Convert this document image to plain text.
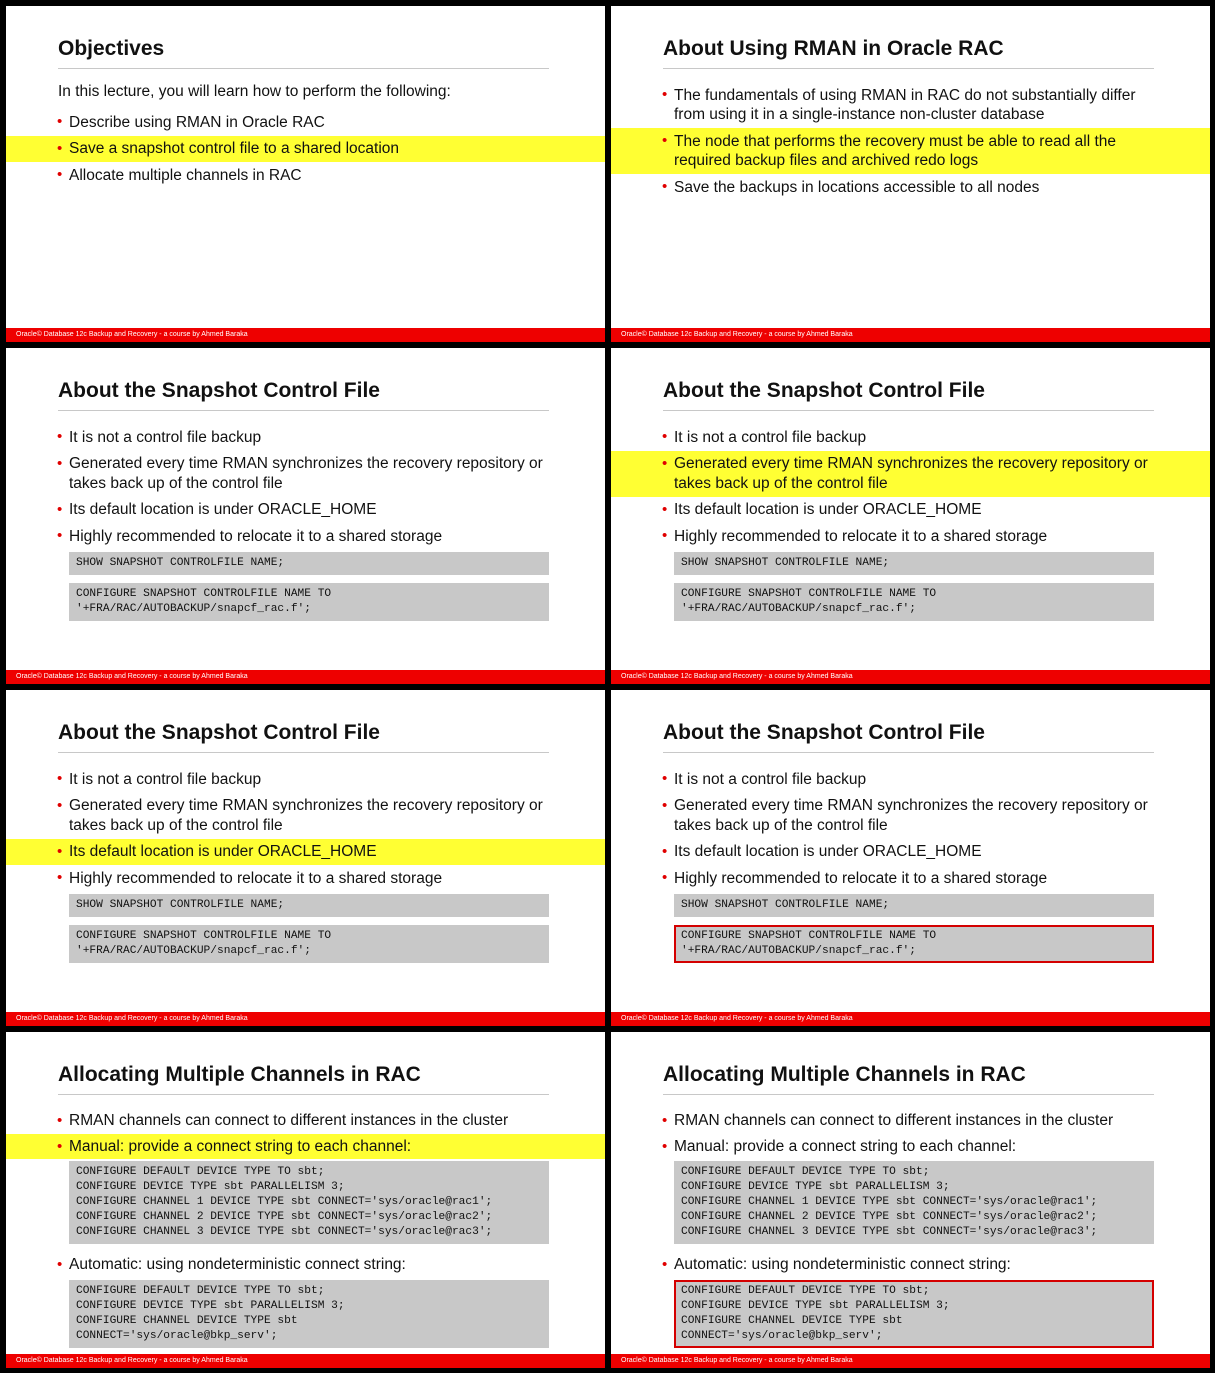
Objectives
In this lecture, you will learn how to perform the following:
• Describe using RMAN in Oracle RAC
• Save a snapshot control file to a shared location
• Allocate multiple channels in RAC
Oracle© Database 12c Backup and Recovery - a course by Ahmed Baraka
About Using RMAN in Oracle RAC
• The fundamentals of using RMAN in RAC do not substantially differ from using it in a single-instance non-cluster database
• The node that performs the recovery must be able to read all the required backup files and archived redo logs
• Save the backups in locations accessible to all nodes
Oracle© Database 12c Backup and Recovery - a course by Ahmed Baraka
About the Snapshot Control File
• It is not a control file backup
• Generated every time RMAN synchronizes the recovery repository or takes back up of the control file
• Its default location is under ORACLE_HOME
• Highly recommended to relocate it to a shared storage
SHOW SNAPSHOT CONTROLFILE NAME;
CONFIGURE SNAPSHOT CONTROLFILE NAME TO
'+FRA/RAC/AUTOBACKUP/snapcf_rac.f';
Oracle© Database 12c Backup and Recovery - a course by Ahmed Baraka
About the Snapshot Control File
• It is not a control file backup
• Generated every time RMAN synchronizes the recovery repository or takes back up of the control file
• Its default location is under ORACLE_HOME
• Highly recommended to relocate it to a shared storage
SHOW SNAPSHOT CONTROLFILE NAME;
CONFIGURE SNAPSHOT CONTROLFILE NAME TO
'+FRA/RAC/AUTOBACKUP/snapcf_rac.f';
Oracle© Database 12c Backup and Recovery - a course by Ahmed Baraka
About the Snapshot Control File
• It is not a control file backup
• Generated every time RMAN synchronizes the recovery repository or takes back up of the control file
• Its default location is under ORACLE_HOME
• Highly recommended to relocate it to a shared storage
SHOW SNAPSHOT CONTROLFILE NAME;
CONFIGURE SNAPSHOT CONTROLFILE NAME TO
'+FRA/RAC/AUTOBACKUP/snapcf_rac.f';
Oracle© Database 12c Backup and Recovery - a course by Ahmed Baraka
About the Snapshot Control File
• It is not a control file backup
• Generated every time RMAN synchronizes the recovery repository or takes back up of the control file
• Its default location is under ORACLE_HOME
• Highly recommended to relocate it to a shared storage
SHOW SNAPSHOT CONTROLFILE NAME;
CONFIGURE SNAPSHOT CONTROLFILE NAME TO
'+FRA/RAC/AUTOBACKUP/snapcf_rac.f';
Oracle© Database 12c Backup and Recovery - a course by Ahmed Baraka
Allocating Multiple Channels in RAC
• RMAN channels can connect to different instances in the cluster
• Manual: provide a connect string to each channel:
CONFIGURE DEFAULT DEVICE TYPE TO sbt;
CONFIGURE DEVICE TYPE sbt PARALLELISM 3;
CONFIGURE CHANNEL 1 DEVICE TYPE sbt CONNECT='sys/oracle@rac1';
CONFIGURE CHANNEL 2 DEVICE TYPE sbt CONNECT='sys/oracle@rac2';
CONFIGURE CHANNEL 3 DEVICE TYPE sbt CONNECT='sys/oracle@rac3';
• Automatic: using nondeterministic connect string:
CONFIGURE DEFAULT DEVICE TYPE TO sbt;
CONFIGURE DEVICE TYPE sbt PARALLELISM 3;
CONFIGURE CHANNEL DEVICE TYPE sbt
CONNECT='sys/oracle@bkp_serv';
Oracle© Database 12c Backup and Recovery - a course by Ahmed Baraka
Allocating Multiple Channels in RAC
• RMAN channels can connect to different instances in the cluster
• Manual: provide a connect string to each channel:
CONFIGURE DEFAULT DEVICE TYPE TO sbt;
CONFIGURE DEVICE TYPE sbt PARALLELISM 3;
CONFIGURE CHANNEL 1 DEVICE TYPE sbt CONNECT='sys/oracle@rac1';
CONFIGURE CHANNEL 2 DEVICE TYPE sbt CONNECT='sys/oracle@rac2';
CONFIGURE CHANNEL 3 DEVICE TYPE sbt CONNECT='sys/oracle@rac3';
• Automatic: using nondeterministic connect string:
CONFIGURE DEFAULT DEVICE TYPE TO sbt;
CONFIGURE DEVICE TYPE sbt PARALLELISM 3;
CONFIGURE CHANNEL DEVICE TYPE sbt
CONNECT='sys/oracle@bkp_serv';
Oracle© Database 12c Backup and Recovery - a course by Ahmed Baraka
